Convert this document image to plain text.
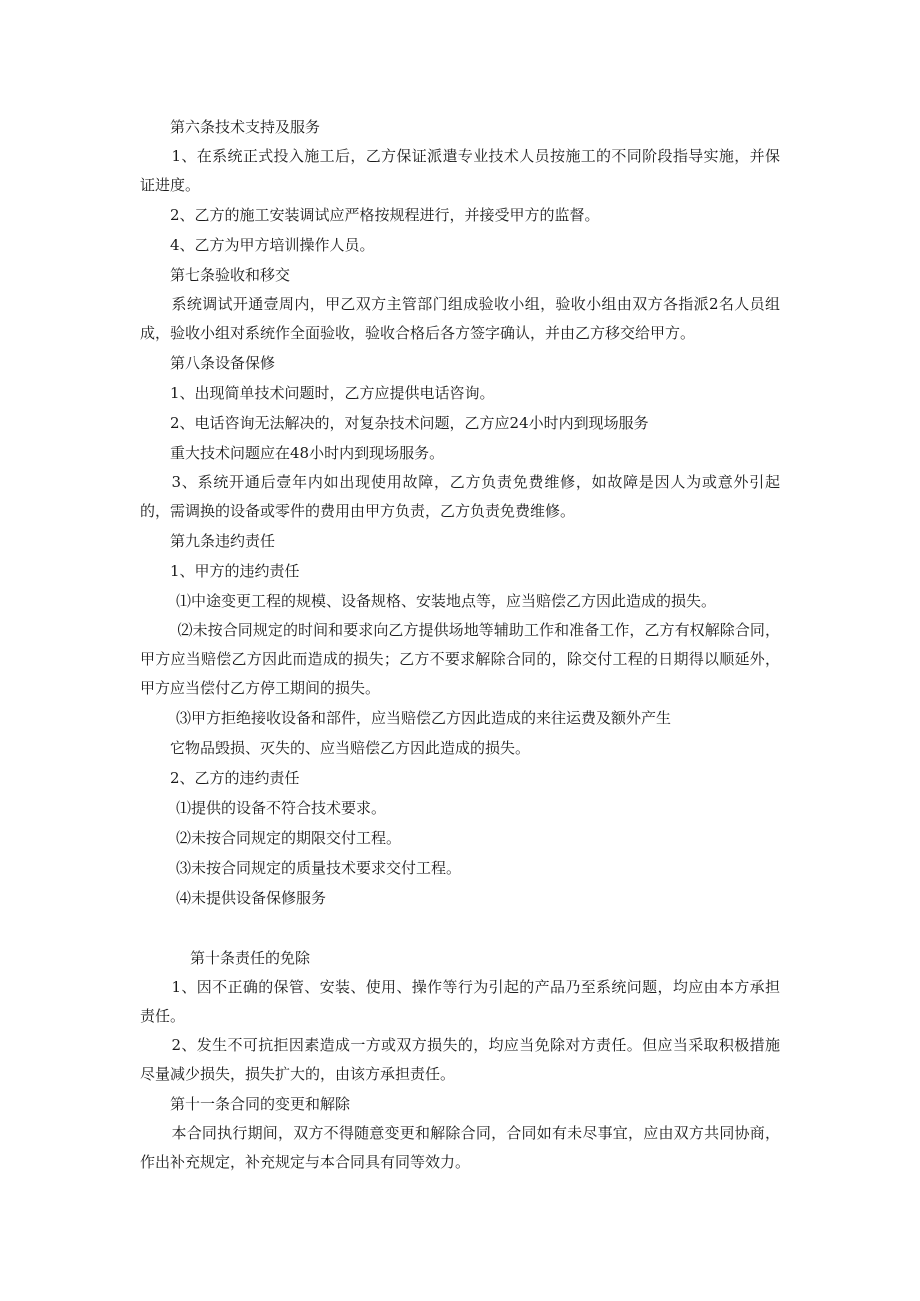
第六条技术支持及服务

1、在系统正式投入施工后，乙方保证派遣专业技术人员按施工的不同阶段指导实施，并保证进度。

2、乙方的施工安装调试应严格按规程进行，并接受甲方的监督。

4、乙方为甲方培训操作人员。

第七条验收和移交

系统调试开通壹周内，甲乙双方主管部门组成验收小组，验收小组由双方各指派2名人员组成，验收小组对系统作全面验收，验收合格后各方签字确认，并由乙方移交给甲方。

第八条设备保修

1、出现简单技术问题时，乙方应提供电话咨询。

2、电话咨询无法解决的，对复杂技术问题，乙方应24小时内到现场服务

重大技术问题应在48小时内到现场服务。

3、系统开通后壹年内如出现使用故障，乙方负责免费维修，如故障是因人为或意外引起的，需调换的设备或零件的费用由甲方负责，乙方负责免费维修。

第九条违约责任

1、甲方的违约责任

⑴中途变更工程的规模、设备规格、安装地点等，应当赔偿乙方因此造成的损失。

⑵未按合同规定的时间和要求向乙方提供场地等辅助工作和准备工作，乙方有权解除合同，甲方应当赔偿乙方因此而造成的损失；乙方不要求解除合同的，除交付工程的日期得以顺延外，甲方应当偿付乙方停工期间的损失。

⑶甲方拒绝接收设备和部件，应当赔偿乙方因此造成的来往运费及额外产生

它物品毁损、灭失的、应当赔偿乙方因此造成的损失。

2、乙方的违约责任

⑴提供的设备不符合技术要求。

⑵未按合同规定的期限交付工程。

⑶未按合同规定的质量技术要求交付工程。

⑷未提供设备保修服务

第十条责任的免除

1、因不正确的保管、安装、使用、操作等行为引起的产品乃至系统问题，均应由本方承担责任。

2、发生不可抗拒因素造成一方或双方损失的，均应当免除对方责任。但应当采取积极措施尽量减少损失，损失扩大的，由该方承担责任。

第十一条合同的变更和解除

本合同执行期间，双方不得随意变更和解除合同，合同如有未尽事宜，应由双方共同协商，作出补充规定，补充规定与本合同具有同等效力。
